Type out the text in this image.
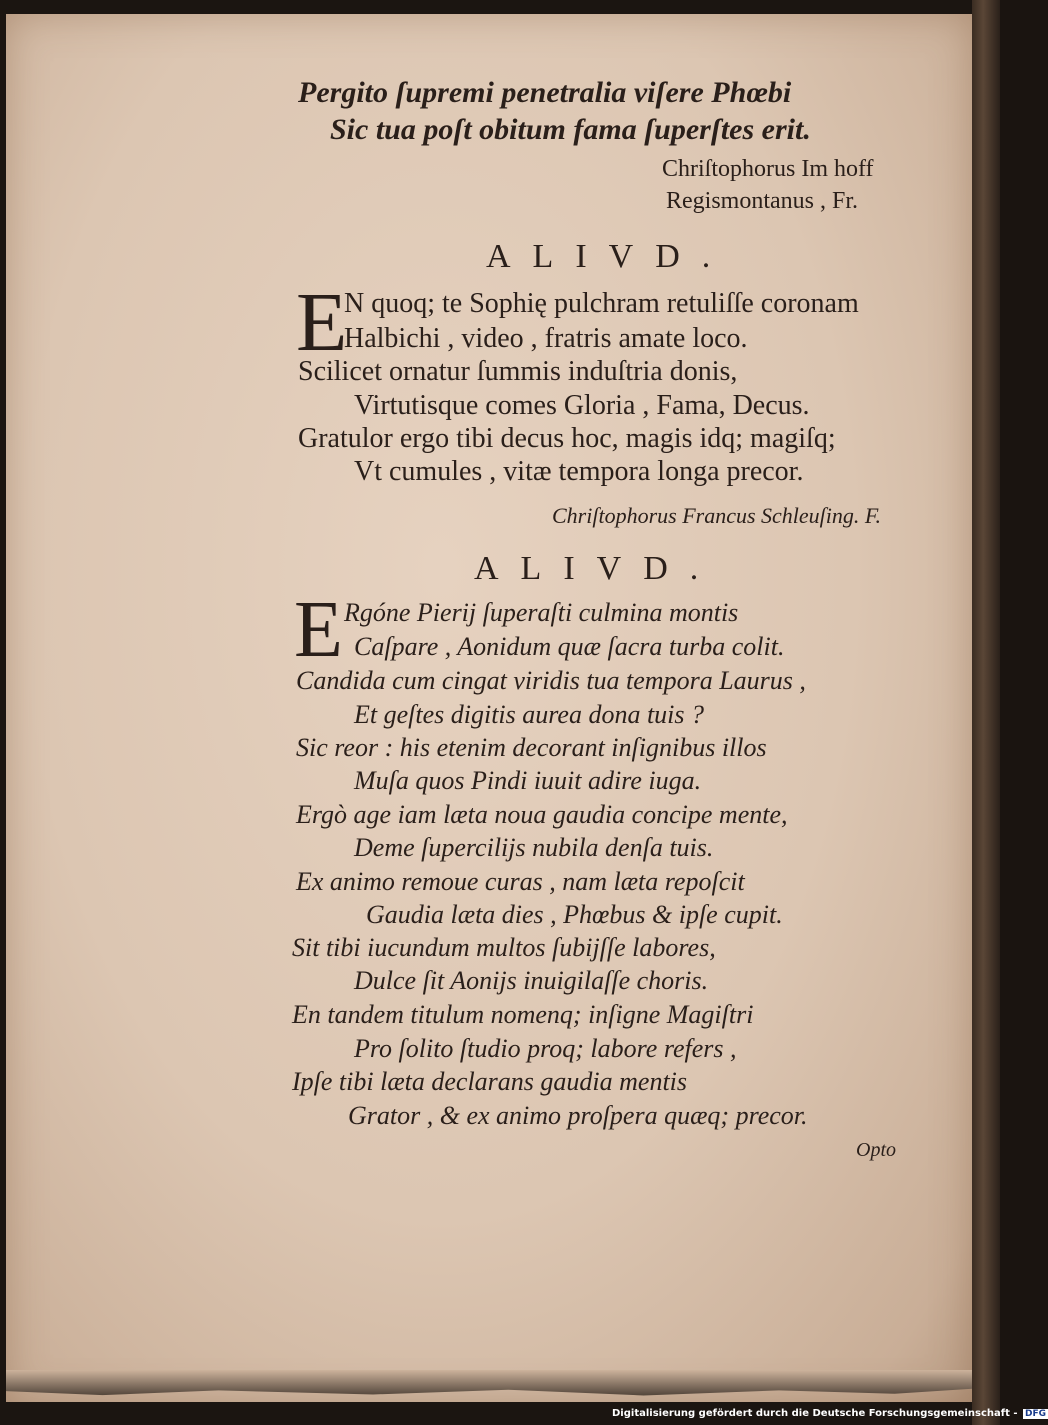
Pergito ſupremi penetralia viſere Phœbi
Sic tua poſt obitum fama ſuperſtes erit.
Chriſtophorus Im hoff
Regismontanus , Fr.
ALIVD.
E
N quoq; te Sophię pulchram retuliſſe coronam
Halbichi , video , fratris amate loco.
Scilicet ornatur ſummis induſtria donis,
Virtutisque comes Gloria , Fama, Decus.
Gratulor ergo tibi decus hoc, magis idq; magiſq;
Vt cumules , vitæ tempora longa precor.
Chriſtophorus Francus Schleuſing. F.
ALIVD.
E Rgóne Pierij ſuperaſti culmina montis
Caſpare , Aonidum quæ ſacra turba colit.
Candida cum cingat viridis tua tempora Laurus ,
Et geſtes digitis aurea dona tuis ?
Sic reor : his etenim decorant inſignibus illos
Muſa quos Pindi iuuit adire iuga.
Ergò age iam læta noua gaudia concipe mente,
Deme ſupercilijs nubila denſa tuis.
Ex animo remoue curas , nam læta repoſcit
Gaudia læta dies , Phœbus & ipſe cupit.
Sit tibi iucundum multos ſubijſſe labores,
Dulce ſit Aonijs inuigilaſſe choris.
En tandem titulum nomenq; inſigne Magiſtri
Pro ſolito ſtudio proq; labore refers ,
Ipſe tibi læta declarans gaudia mentis
Grator , & ex animo proſpera quæq; precor.
Opto
Digitalisierung gefördert durch die Deutsche Forschungsgemeinschaft - DFG
